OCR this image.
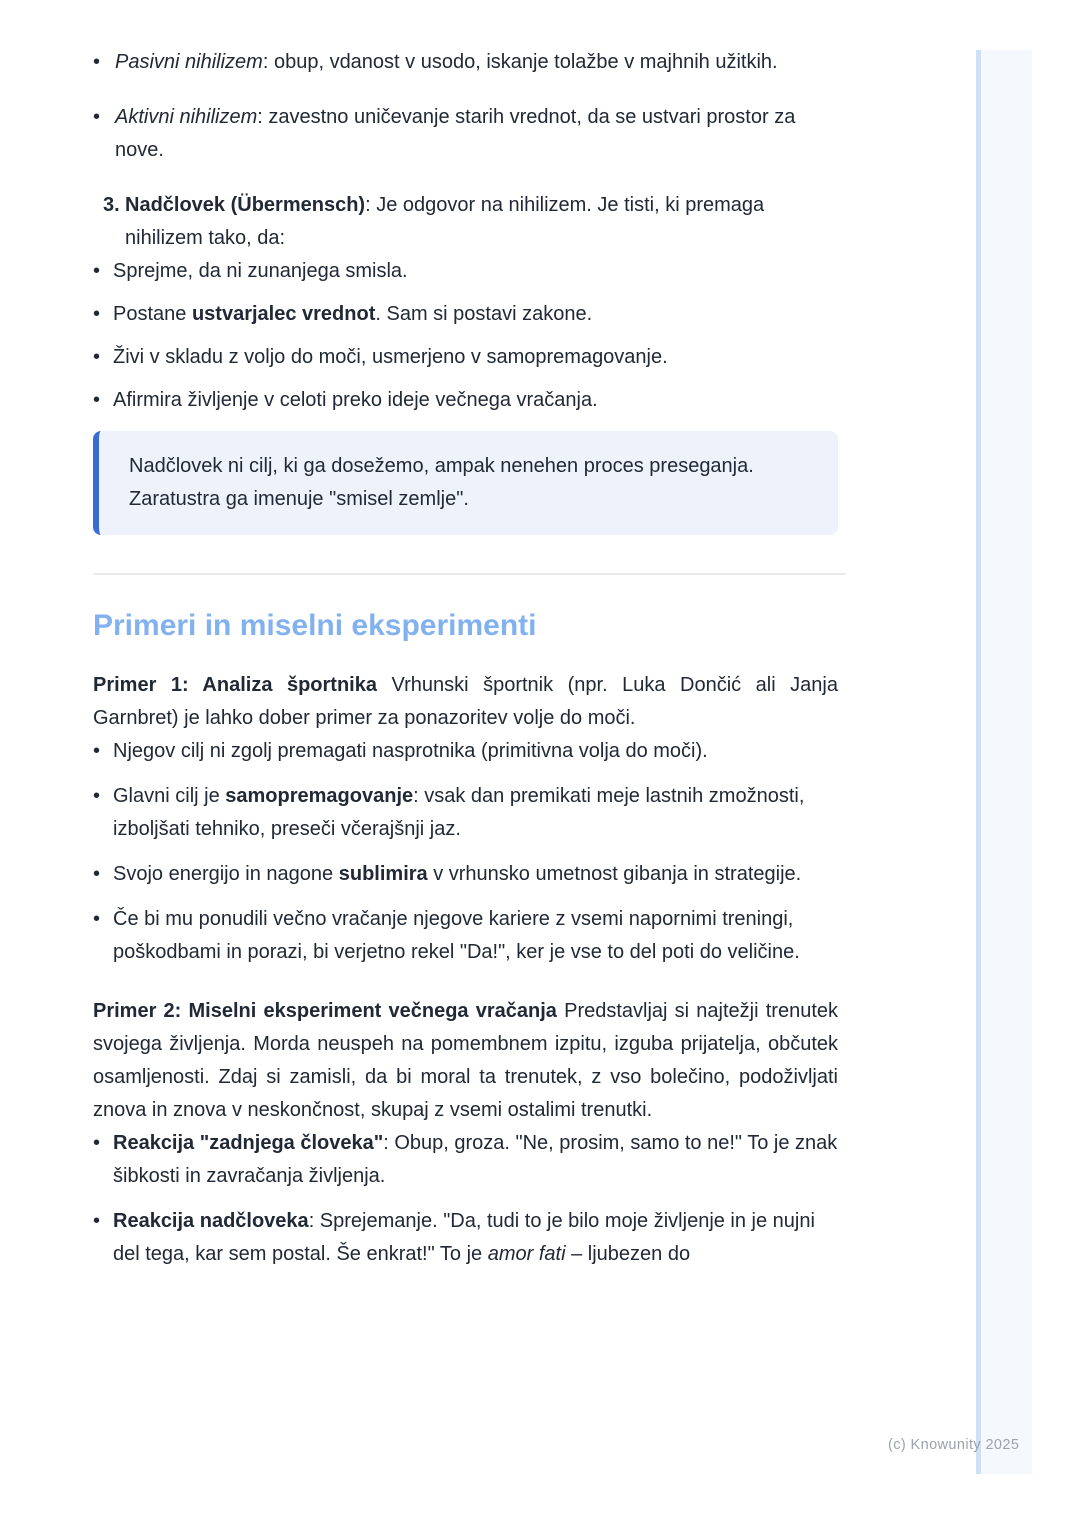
• Pasivni nihilizem: obup, vdanost v usodo, iskanje tolažbe v majhnih užitkih.
• Aktivni nihilizem: zavestno uničevanje starih vrednot, da se ustvari prostor za nove.
3. Nadčlovek (Übermensch): Je odgovor na nihilizem. Je tisti, ki premaga nihilizem tako, da:
• Sprejme, da ni zunanjega smisla.
• Postane ustvarjalec vrednot. Sam si postavi zakone.
• Živi v skladu z voljo do moči, usmerjeno v samopremagovanje.
• Afirmira življenje v celoti preko ideje večnega vračanja.
Nadčlovek ni cilj, ki ga dosežemo, ampak nenehen proces preseganja. Zaratustra ga imenuje "smisel zemlje".
Primeri in miselni eksperimenti

Primer 1: Analiza športnika Vrhunski športnik (npr. Luka Dončić ali Janja Garnbret) je lahko dober primer za ponazoritev volje do moči.

• Njegov cilj ni zgolj premagati nasprotnika (primitivna volja do moči).
• Glavni cilj je samopremagovanje: vsak dan premikati meje lastnih zmožnosti, izboljšati tehniko, preseči včerajšnji jaz.
• Svojo energijo in nagone sublimira v vrhunsko umetnost gibanja in strategije.
• Če bi mu ponudili večno vračanje njegove kariere z vsemi napornimi treningi, poškodbami in porazi, bi verjetno rekel "Da!", ker je vse to del poti do veličine.

Primer 2: Miselni eksperiment večnega vračanja Predstavljaj si najtežji trenutek svojega življenja. Morda neuspeh na pomembnem izpitu, izguba prijatelja, občutek osamljenosti. Zdaj si zamisli, da bi moral ta trenutek, z vso bolečino, podoživljati znova in znova v neskončnost, skupaj z vsemi ostalimi trenutki.

• Reakcija "zadnjega človeka": Obup, groza. "Ne, prosim, samo to ne!" To je znak šibkosti in zavračanja življenja.
• Reakcija nadčloveka: Sprejemanje. "Da, tudi to je bilo moje življenje in je nujni del tega, kar sem postal. Še enkrat!" To je amor fati – ljubezen do
(c) Knowunity 2025
